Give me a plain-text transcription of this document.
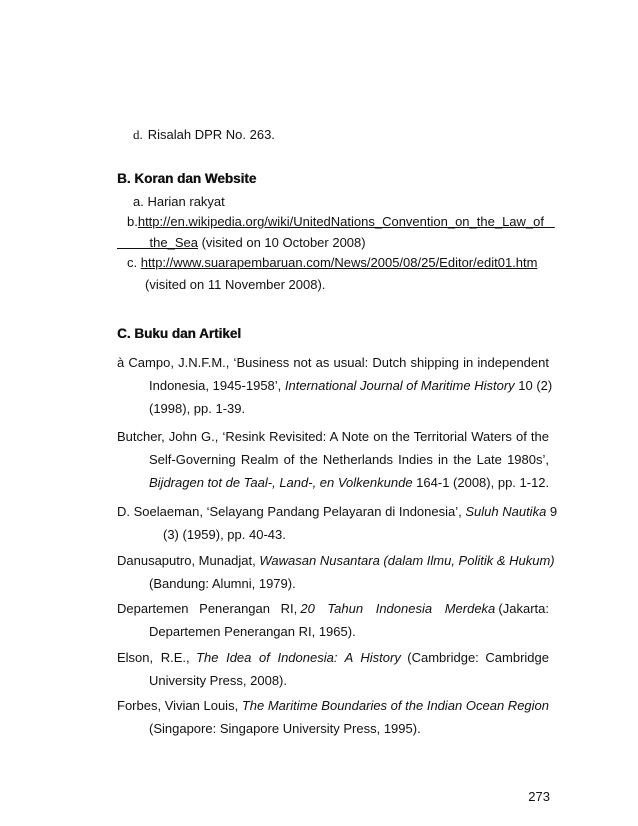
d. Risalah DPR No. 263.
B. Koran dan Website
a. Harian rakyat
b.http://en.wikipedia.org/wiki/UnitedNations_Convention_on_the_Law_of
the_Sea (visited on 10 October 2008)
c. http://www.suarapembaruan.com/News/2005/08/25/Editor/edit01.htm
(visited on 11 November 2008).
C. Buku dan Artikel
à Campo, J.N.F.M., ‘Business not as usual: Dutch shipping in independent
Indonesia, 1945-1958’, International Journal of Maritime History 10 (2)
(1998), pp. 1-39.
Butcher, John G., ‘Resink Revisited: A Note on the Territorial Waters of the
Self-Governing Realm of the Netherlands Indies in the Late 1980s’,
Bijdragen tot de Taal-, Land-, en Volkenkunde 164-1 (2008), pp. 1-12.
D. Soelaeman, ‘Selayang Pandang Pelayaran di Indonesia’, Suluh Nautika 9
(3) (1959), pp. 40-43.
Danusaputro, Munadjat, Wawasan Nusantara (dalam Ilmu, Politik & Hukum)
(Bandung: Alumni, 1979).
Departemen Penerangan RI, 20 Tahun Indonesia Merdeka (Jakarta:
Departemen Penerangan RI, 1965).
Elson, R.E., The Idea of Indonesia: A History (Cambridge: Cambridge
University Press, 2008).
Forbes, Vivian Louis, The Maritime Boundaries of the Indian Ocean Region
(Singapore: Singapore University Press, 1995).
273
